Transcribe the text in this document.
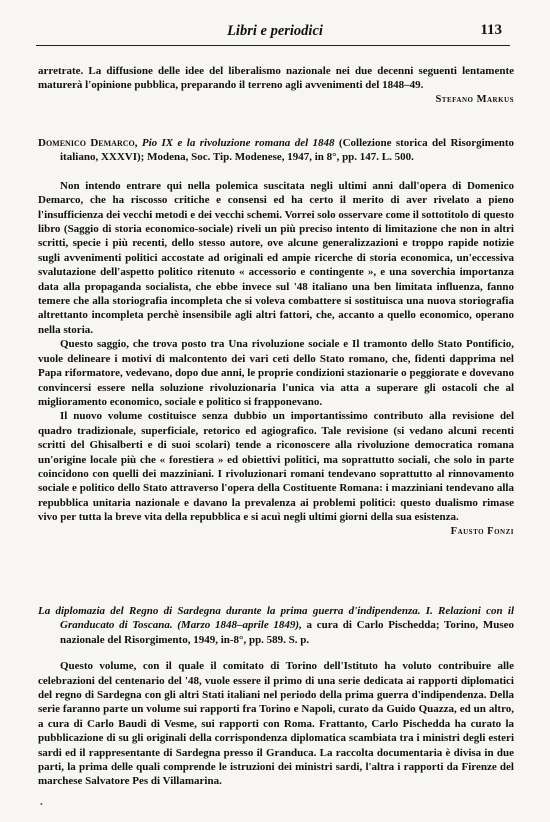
Libri e periodici	113

arretrate. La diffusione delle idee del liberalismo nazionale nei due decenni seguenti lentamente maturerà l'opinione pubblica, preparando il terreno agli avvenimenti del 1848–49.

Stefano Markus

Domenico Demarco, Pio IX e la rivoluzione romana del 1848 (Collezione storica del Risorgimento italiano, XXXVI); Modena, Soc. Tip. Modenese, 1947, in 8°, pp. 147. L. 500.

Non intendo entrare qui nella polemica suscitata negli ultimi anni dall'opera di Domenico Demarco, che ha riscosso critiche e consensi ed ha certo il merito di aver rivelato a pieno l'insufficienza dei vecchi metodi e dei vecchi schemi. Vorrei solo osservare come il sottotitolo di questo libro (Saggio di storia economico-sociale) riveli un più preciso intento di limitazione che non in altri scritti, specie i più recenti, dello stesso autore, ove alcune generalizzazioni e troppo rapide notizie sugli avvenimenti politici accostate ad originali ed ampie ricerche di storia economica, un'eccessiva svalutazione dell'aspetto politico ritenuto « accessorio e contingente », e una soverchia importanza data alla propaganda socialista, che ebbe invece sul '48 italiano una ben limitata influenza, fanno temere che alla storiografia incompleta che si voleva combattere si sostituisca una nuova storiografia altrettanto incompleta perchè insensibile agli altri fattori, che, accanto a quello economico, operano nella storia.

Questo saggio, che trova posto tra Una rivoluzione sociale e Il tramonto dello Stato Pontificio, vuole delineare i motivi di malcontento dei vari ceti dello Stato romano, che, fidenti dapprima nel Papa riformatore, vedevano, dopo due anni, le proprie condizioni stazionarie o peggiorate e dovevano convincersi essere nella soluzione rivoluzionaria l'unica via atta a superare gli ostacoli che al miglioramento economico, sociale e politico si frapponevano.

Il nuovo volume costituisce senza dubbio un importantissimo contributo alla revisione del quadro tradizionale, superficiale, retorico ed agiografico. Tale revisione (si vedano alcuni recenti scritti del Ghisalberti e di suoi scolari) tende a riconoscere alla rivoluzione democratica romana un'origine locale più che « forestiera » ed obiettivi politici, ma soprattutto sociali, che solo in parte coincidono con quelli dei mazziniani. I rivoluzionari romani tendevano soprattutto al rinnovamento sociale e politico dello Stato attraverso l'opera della Costituente Romana: i mazziniani tendevano alla repubblica unitaria nazionale e davano la prevalenza ai problemi politici: questo dualismo rimase vivo per tutta la breve vita della repubblica e si acuì negli ultimi giorni della sua esistenza.

Fausto Fonzi

La diplomazia del Regno di Sardegna durante la prima guerra d'indipendenza. I. Relazioni con il Granducato di Toscana. (Marzo 1848–aprile 1849), a cura di Carlo Pischedda; Torino, Museo nazionale del Risorgimento, 1949, in-8°, pp. 589. S. p.

Questo volume, con il quale il comitato di Torino dell'Istituto ha voluto contribuire alle celebrazioni del centenario del '48, vuole essere il primo di una serie dedicata ai rapporti diplomatici del regno di Sardegna con gli altri Stati italiani nel periodo della prima guerra d'indipendenza. Della serie faranno parte un volume sui rapporti fra Torino e Napoli, curato da Guido Quazza, ed un altro, a cura di Carlo Baudi di Vesme, sui rapporti con Roma. Frattanto, Carlo Pischedda ha curato la pubblicazione di su gli originali della corrispondenza diplomatica scambiata tra i ministri degli esteri sardi ed il rappresentante di Sardegna presso il Granduca. La raccolta documentaria è divisa in due parti, la prima delle quali comprende le istruzioni dei ministri sardi, l'altra i rapporti da Firenze del marchese Salvatore Pes di Villamarina.

•
